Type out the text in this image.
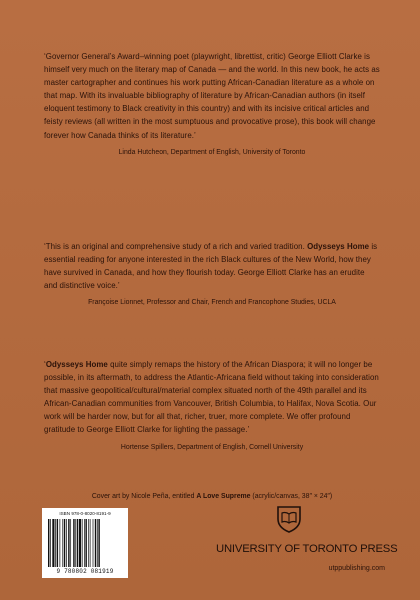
‘Governor General’s Award–winning poet (playwright, librettist, critic) George Elliott Clarke is himself very much on the literary map of Canada — and the world. In this new book, he acts as master cartographer and continues his work putting African-Canadian literature as a whole on that map. With its invaluable bibliography of literature by African-Canadian authors (in itself eloquent testimony to Black creativity in this country) and with its incisive critical articles and feisty reviews (all written in the most sumptuous and provocative prose), this book will change forever how Canada thinks of its literature.’

Linda Hutcheon, Department of English, University of Toronto

‘This is an original and comprehensive study of a rich and varied tradition. Odysseys Home is essential reading for anyone interested in the rich Black cultures of the New World, how they have survived in Canada, and how they flourish today. George Elliott Clarke has an erudite and distinctive voice.’

Françoise Lionnet, Professor and Chair, French and Francophone Studies, UCLA

‘Odysseys Home quite simply remaps the history of the African Diaspora; it will no longer be possible, in its aftermath, to address the Atlantic-Africana field without taking into consideration that massive geopolitical/cultural/material complex situated north of the 49th parallel and its African-Canadian communities from Vancouver, British Columbia, to Halifax, Nova Scotia. Our work will be harder now, but for all that, richer, truer, more complete. We offer profound gratitude to George Elliott Clarke for lighting the passage.’

Hortense Spillers, Department of English, Cornell University

Cover art by Nicole Peña, entitled A Love Supreme (acrylic/canvas, 38″ × 24″)
ISBN 978-0-8020-8191-9
9 780802 081919
UNIVERSITY OF TORONTO PRESS
utppublishing.com
